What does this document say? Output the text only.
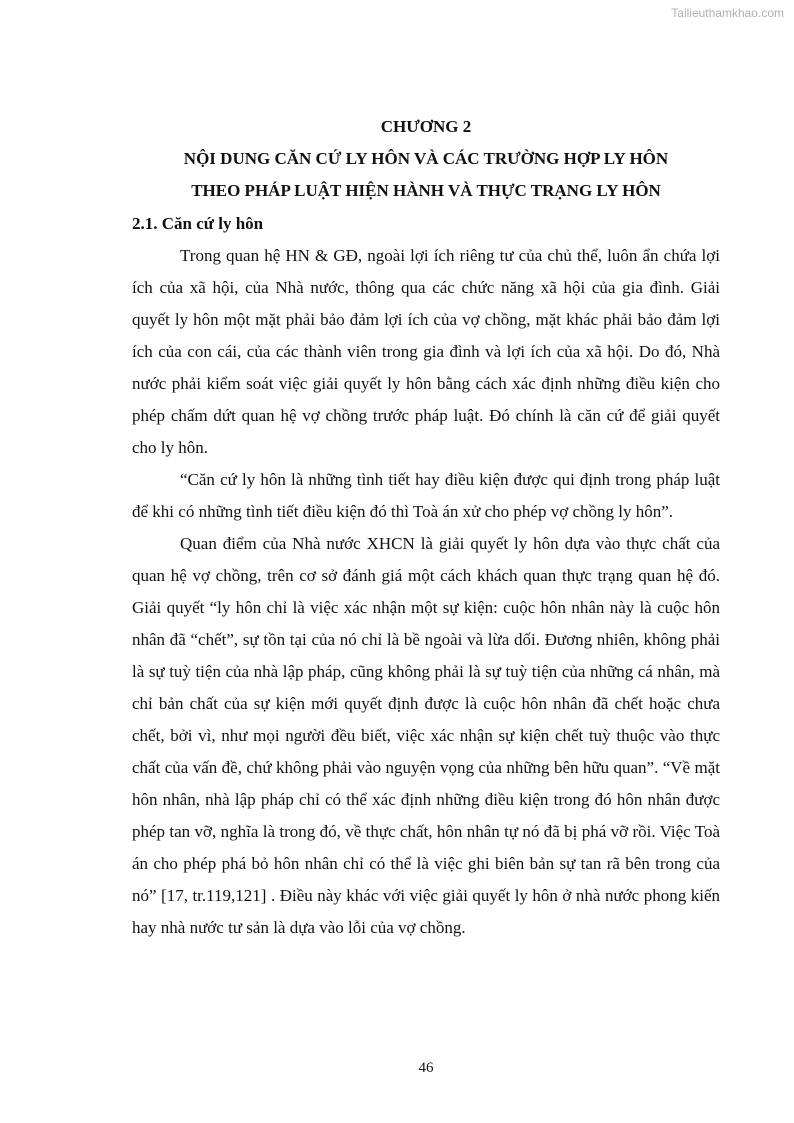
Tailieuthamkhao.com
CHƯƠNG 2
NỘI DUNG CĂN CỨ LY HÔN VÀ CÁC TRƯỜNG HỢP LY HÔN
THEO PHÁP LUẬT HIỆN HÀNH VÀ THỰC TRẠNG LY HÔN
2.1. Căn cứ ly hôn

Trong quan hệ HN & GĐ, ngoài lợi ích riêng tư của chủ thể, luôn ẩn chứa lợi ích của xã hội, của Nhà nước, thông qua các chức năng xã hội của gia đình. Giải quyết ly hôn một mặt phải bảo đảm lợi ích của vợ chồng, mặt khác phải bảo đảm lợi ích của con cái, của các thành viên trong gia đình và lợi ích của xã hội. Do đó, Nhà nước phải kiểm soát việc giải quyết ly hôn bằng cách xác định những điều kiện cho phép chấm dứt quan hệ vợ chồng trước pháp luật. Đó chính là căn cứ để giải quyết cho ly hôn.

“Căn cứ ly hôn là những tình tiết hay điều kiện được qui định trong pháp luật để khi có những tình tiết điều kiện đó thì Toà án xử cho phép vợ chồng ly hôn”.

Quan điểm của Nhà nước XHCN là giải quyết ly hôn dựa vào thực chất của quan hệ vợ chồng, trên cơ sở đánh giá một cách khách quan thực trạng quan hệ đó. Giải quyết “ly hôn chỉ là việc xác nhận một sự kiện: cuộc hôn nhân này là cuộc hôn nhân đã “chết”, sự tồn tại của nó chỉ là bề ngoài và lừa dối. Đương nhiên, không phải là sự tuỳ tiện của nhà lập pháp, cũng không phải là sự tuỳ tiện của những cá nhân, mà chỉ bản chất của sự kiện mới quyết định được là cuộc hôn nhân đã chết hoặc chưa chết, bởi vì, như mọi người đều biết, việc xác nhận sự kiện chết tuỳ thuộc vào thực chất của vấn đề, chứ không phải vào nguyện vọng của những bên hữu quan”. “Về mặt hôn nhân, nhà lập pháp chỉ có thể xác định những điều kiện trong đó hôn nhân được phép tan vỡ, nghĩa là trong đó, về thực chất, hôn nhân tự nó đã bị phá vỡ rồi. Việc Toà án cho phép phá bỏ hôn nhân chỉ có thể là việc ghi biên bản sự tan rã bên trong của nó” [17, tr.119,121] . Điều này khác với việc giải quyết ly hôn ở nhà nước phong kiến hay nhà nước tư sản là dựa vào lỗi của vợ chồng.

46
